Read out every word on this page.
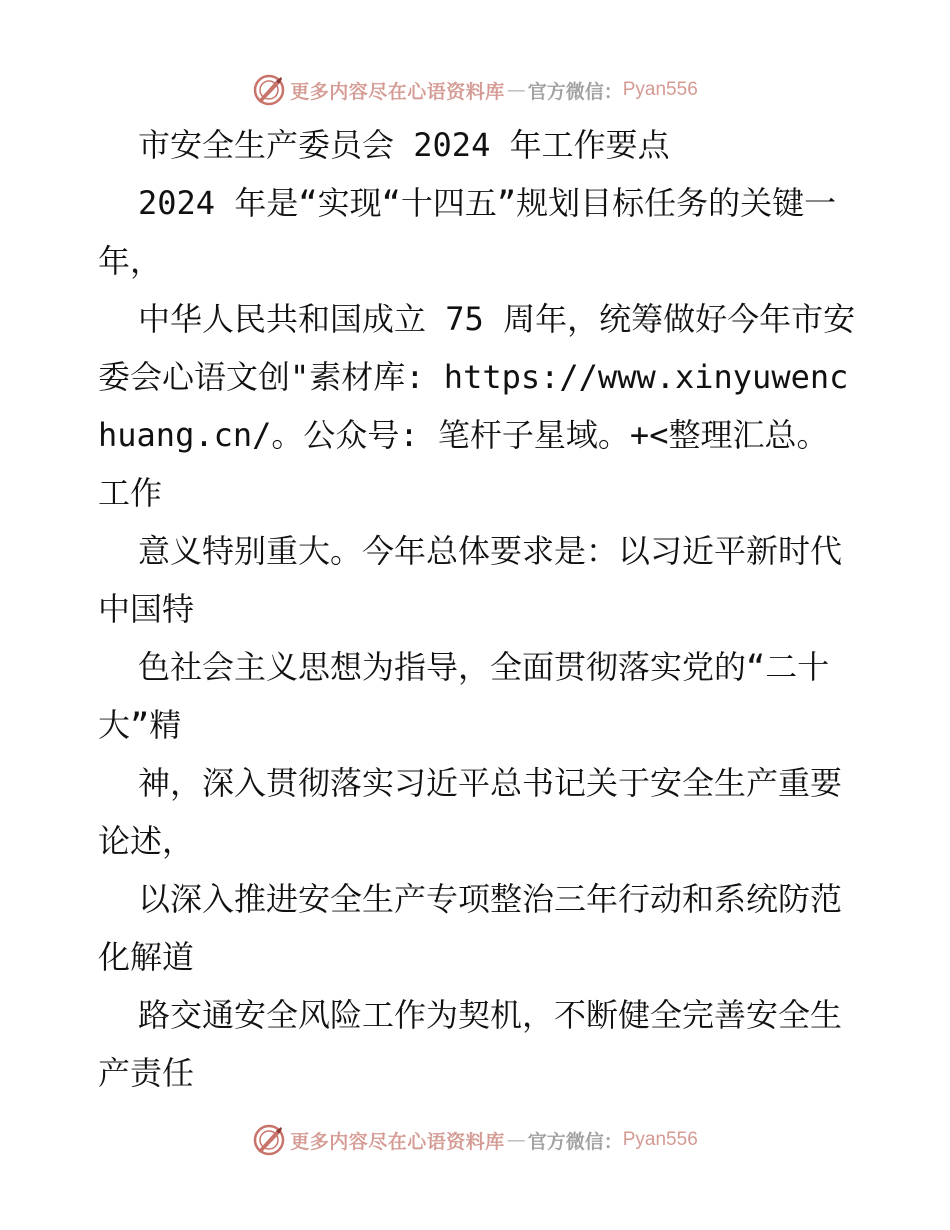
更多内容尽在心语资料库 — 官方微信： Pyan556

市安全生产委员会 2024 年工作要点

2024 年是“实现“十四五”规划目标任务的关键一年，

中华人民共和国成立 75 周年，统筹做好今年市安委会心语文创"素材库: https://www.xinyuwenchuang.cn/。公众号: 笔杆子星域。+<整理汇总。工作

意义特别重大。今年总体要求是：以习近平新时代中国特

色社会主义思想为指导，全面贯彻落实党的“二十大”精

神，深入贯彻落实习近平总书记关于安全生产重要论述，

以深入推进安全生产专项整治三年行动和系统防范化解道

路交通安全风险工作为契机，不断健全完善安全生产责任

更多内容尽在心语资料库 — 官方微信： Pyan556
